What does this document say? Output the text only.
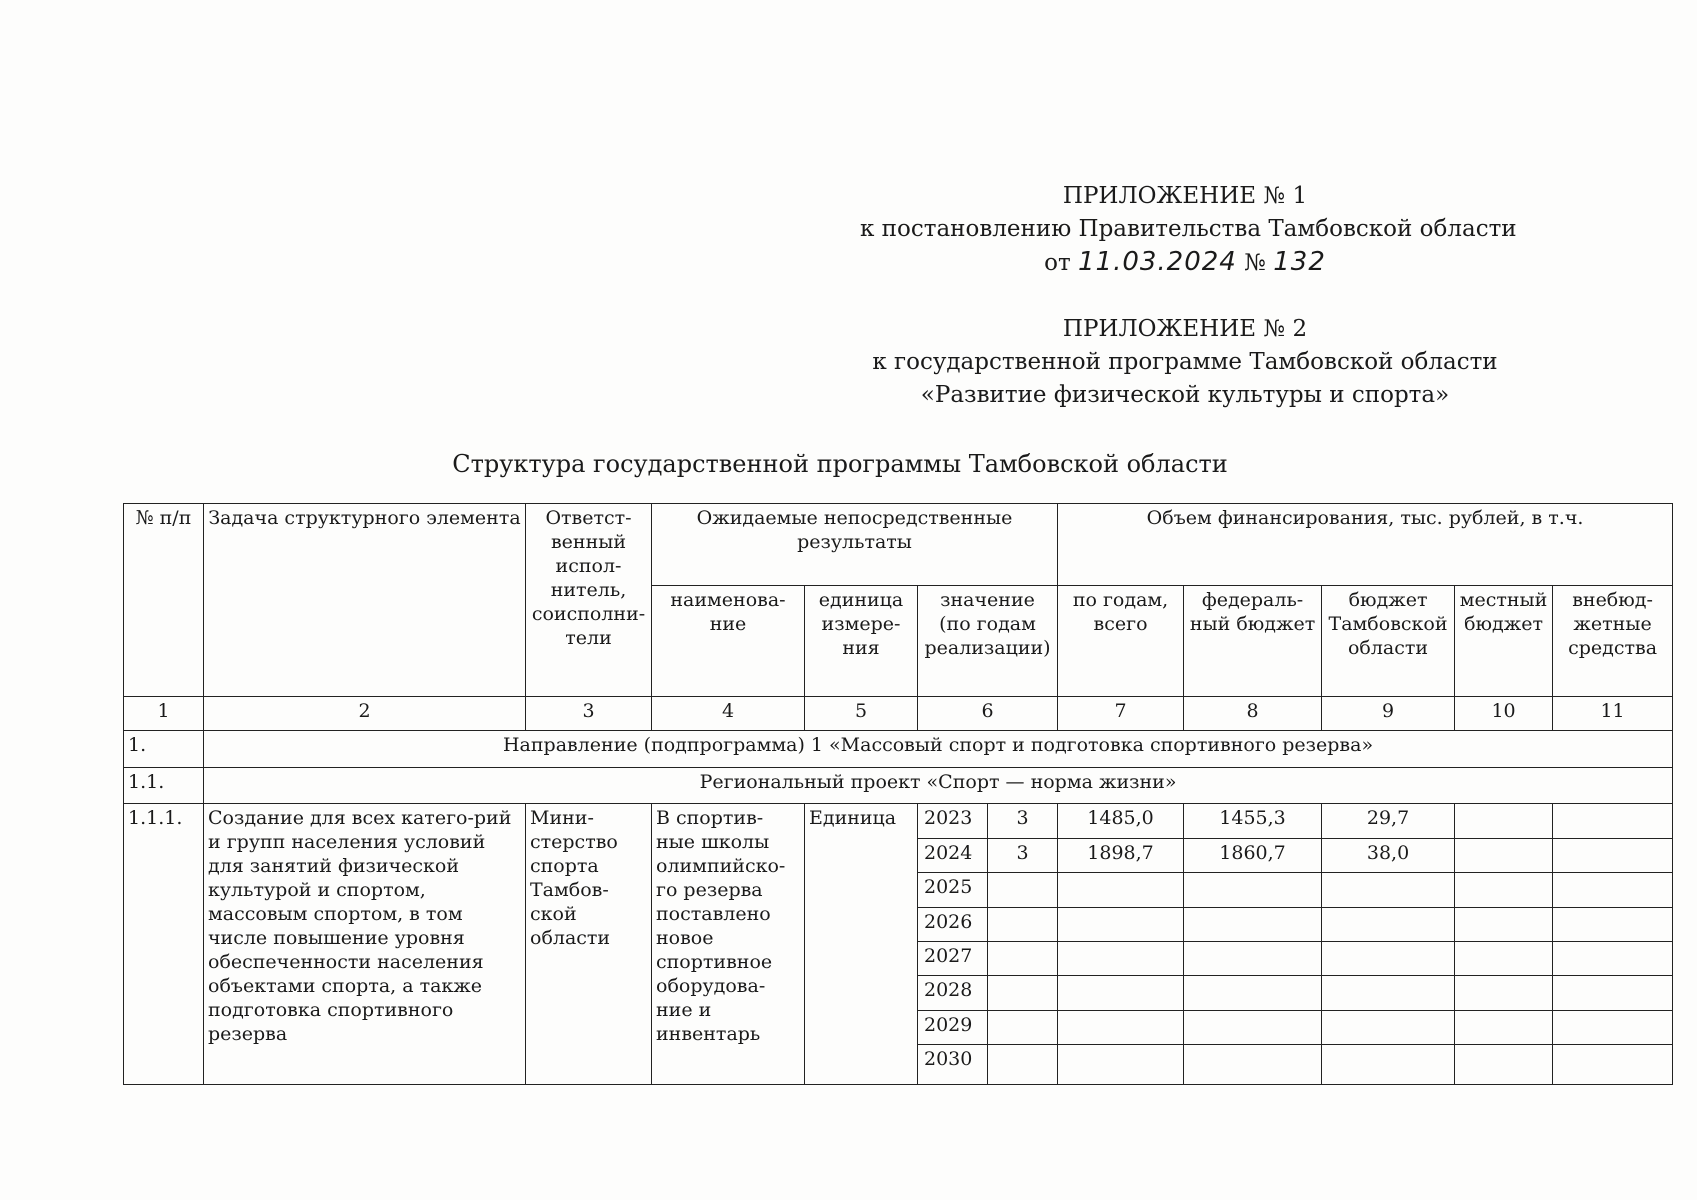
ПРИЛОЖЕНИЕ № 1
к постановлению Правительства Тамбовской области
от 11.03.2024 № 132
ПРИЛОЖЕНИЕ № 2
к государственной программе Тамбовской области
«Развитие физической культуры и спорта»
Структура государственной программы Тамбовской области
№ п/п	Задача структурного элемента	Ответст-венный испол-нитель, соисполни-тели	Ожидаемые непосредственные результаты				Объем финансирования, тыс. рублей, в т.ч.				
			наименова-ние	единица измере-ния	значение (по годам реализации)		по годам, всего	федераль-ный бюджет	бюджет Тамбовской области	местный бюджет	внебюд-жетные средства
1	2	3	4	5	6		7	8	9	10	11
1.	Направление (подпрограмма) 1 «Массовый спорт и подготовка спортивного резерва»										
1.1.	Региональный проект «Спорт — норма жизни»										
1.1.1.	Создание для всех катего-рий и групп населения условий для занятий физической культурой и спортом, массовым спортом, в том числе повышение уровня обеспеченности населения объектами спорта, а также подготовка спортивного резерва	Мини-стерство спорта Тамбов-ской области	В спортив-ные школы олимпийско-го резерва поставлено новое спортивное оборудова-ние и инвентарь	Единица	2023	3	1485,0	1455,3	29,7		
					2024	3	1898,7	1860,7	38,0		
					2025						
					2026						
					2027						
					2028						
					2029						
					2030						
